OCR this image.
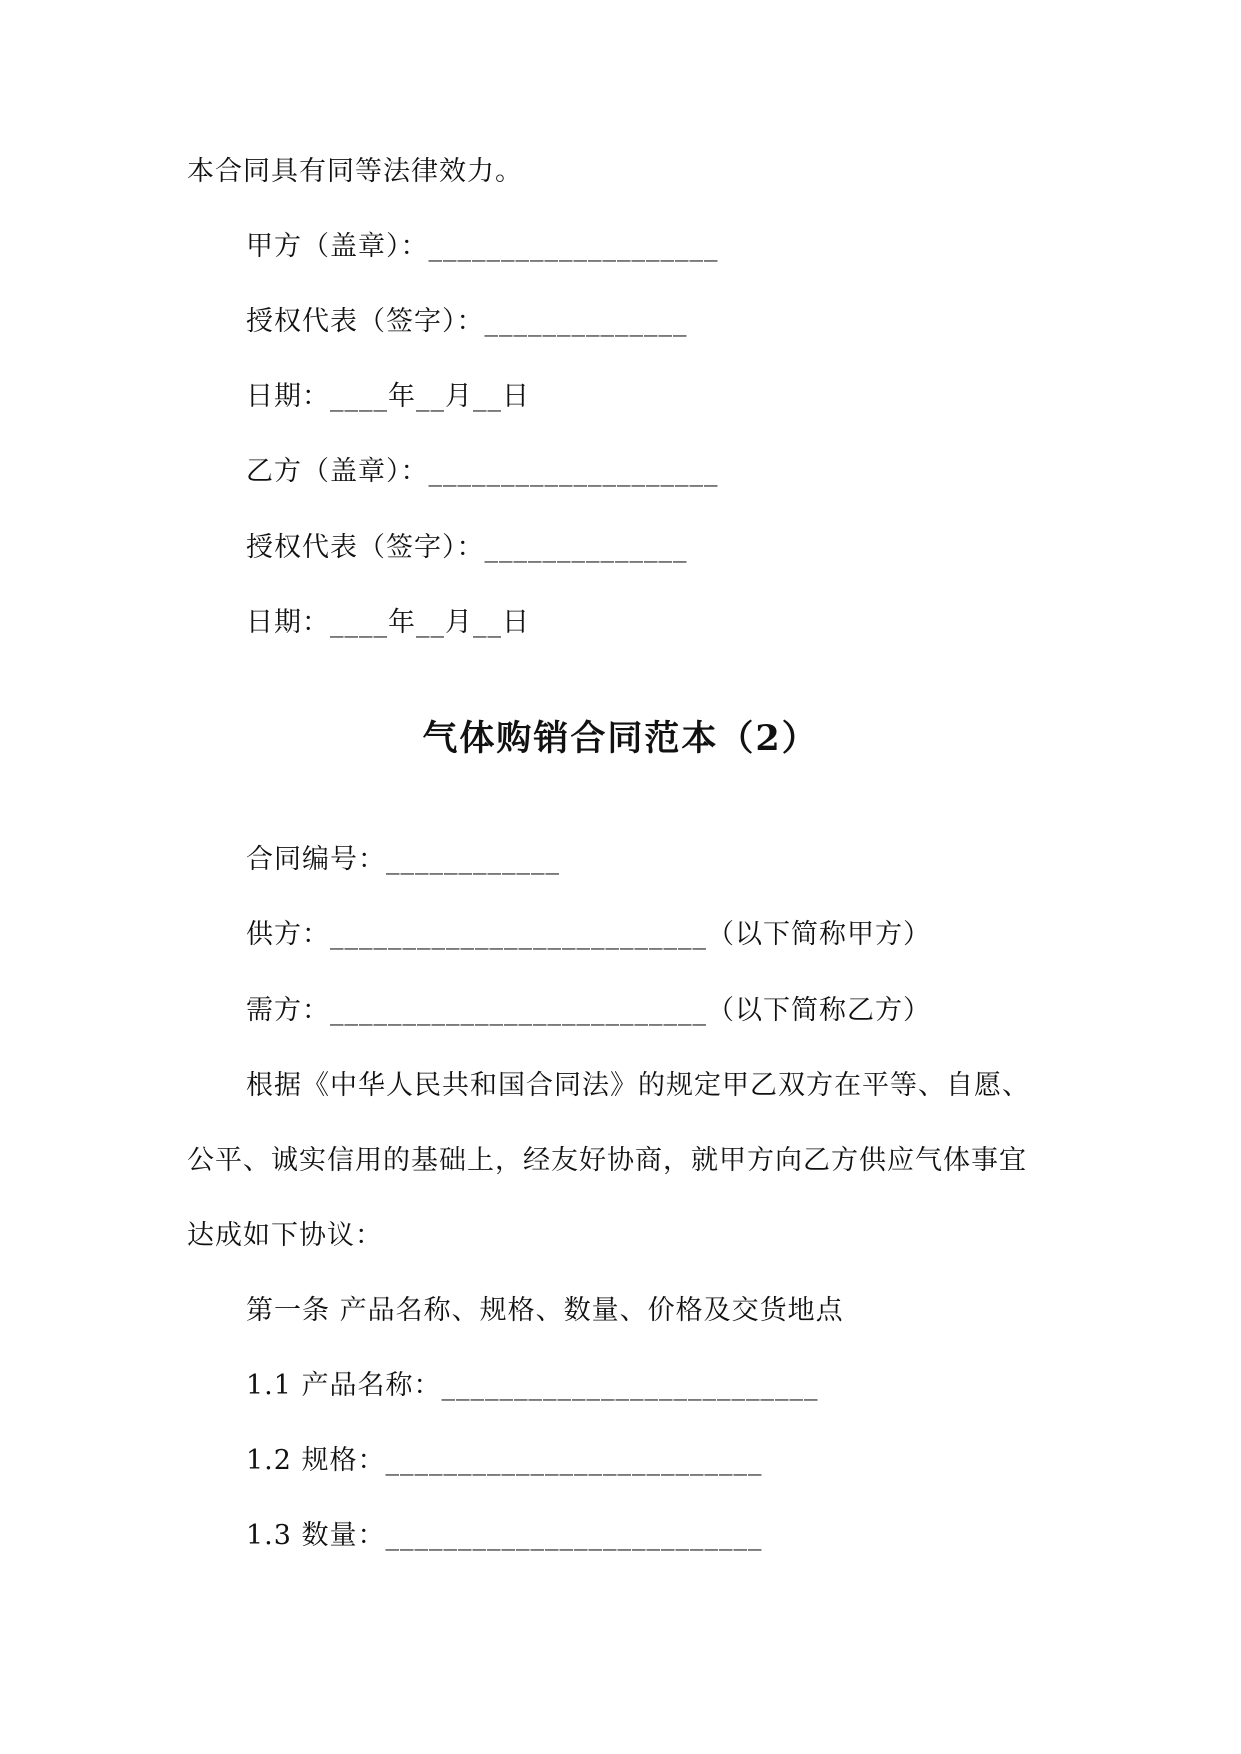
本合同具有同等法律效力。
甲方（盖章）：____________________
授权代表（签字）：______________
日期：____年__月__日
乙方（盖章）：____________________
授权代表（签字）：______________
日期：____年__月__日
气体购销合同范本（2）
合同编号：____________
供方：__________________________（以下简称甲方）
需方：__________________________（以下简称乙方）
根据《中华人民共和国合同法》的规定甲乙双方在平等、自愿、
公平、诚实信用的基础上，经友好协商，就甲方向乙方供应气体事宜
达成如下协议：
第一条 产品名称、规格、数量、价格及交货地点
1.1 产品名称：__________________________
1.2 规格：__________________________
1.3 数量：__________________________
